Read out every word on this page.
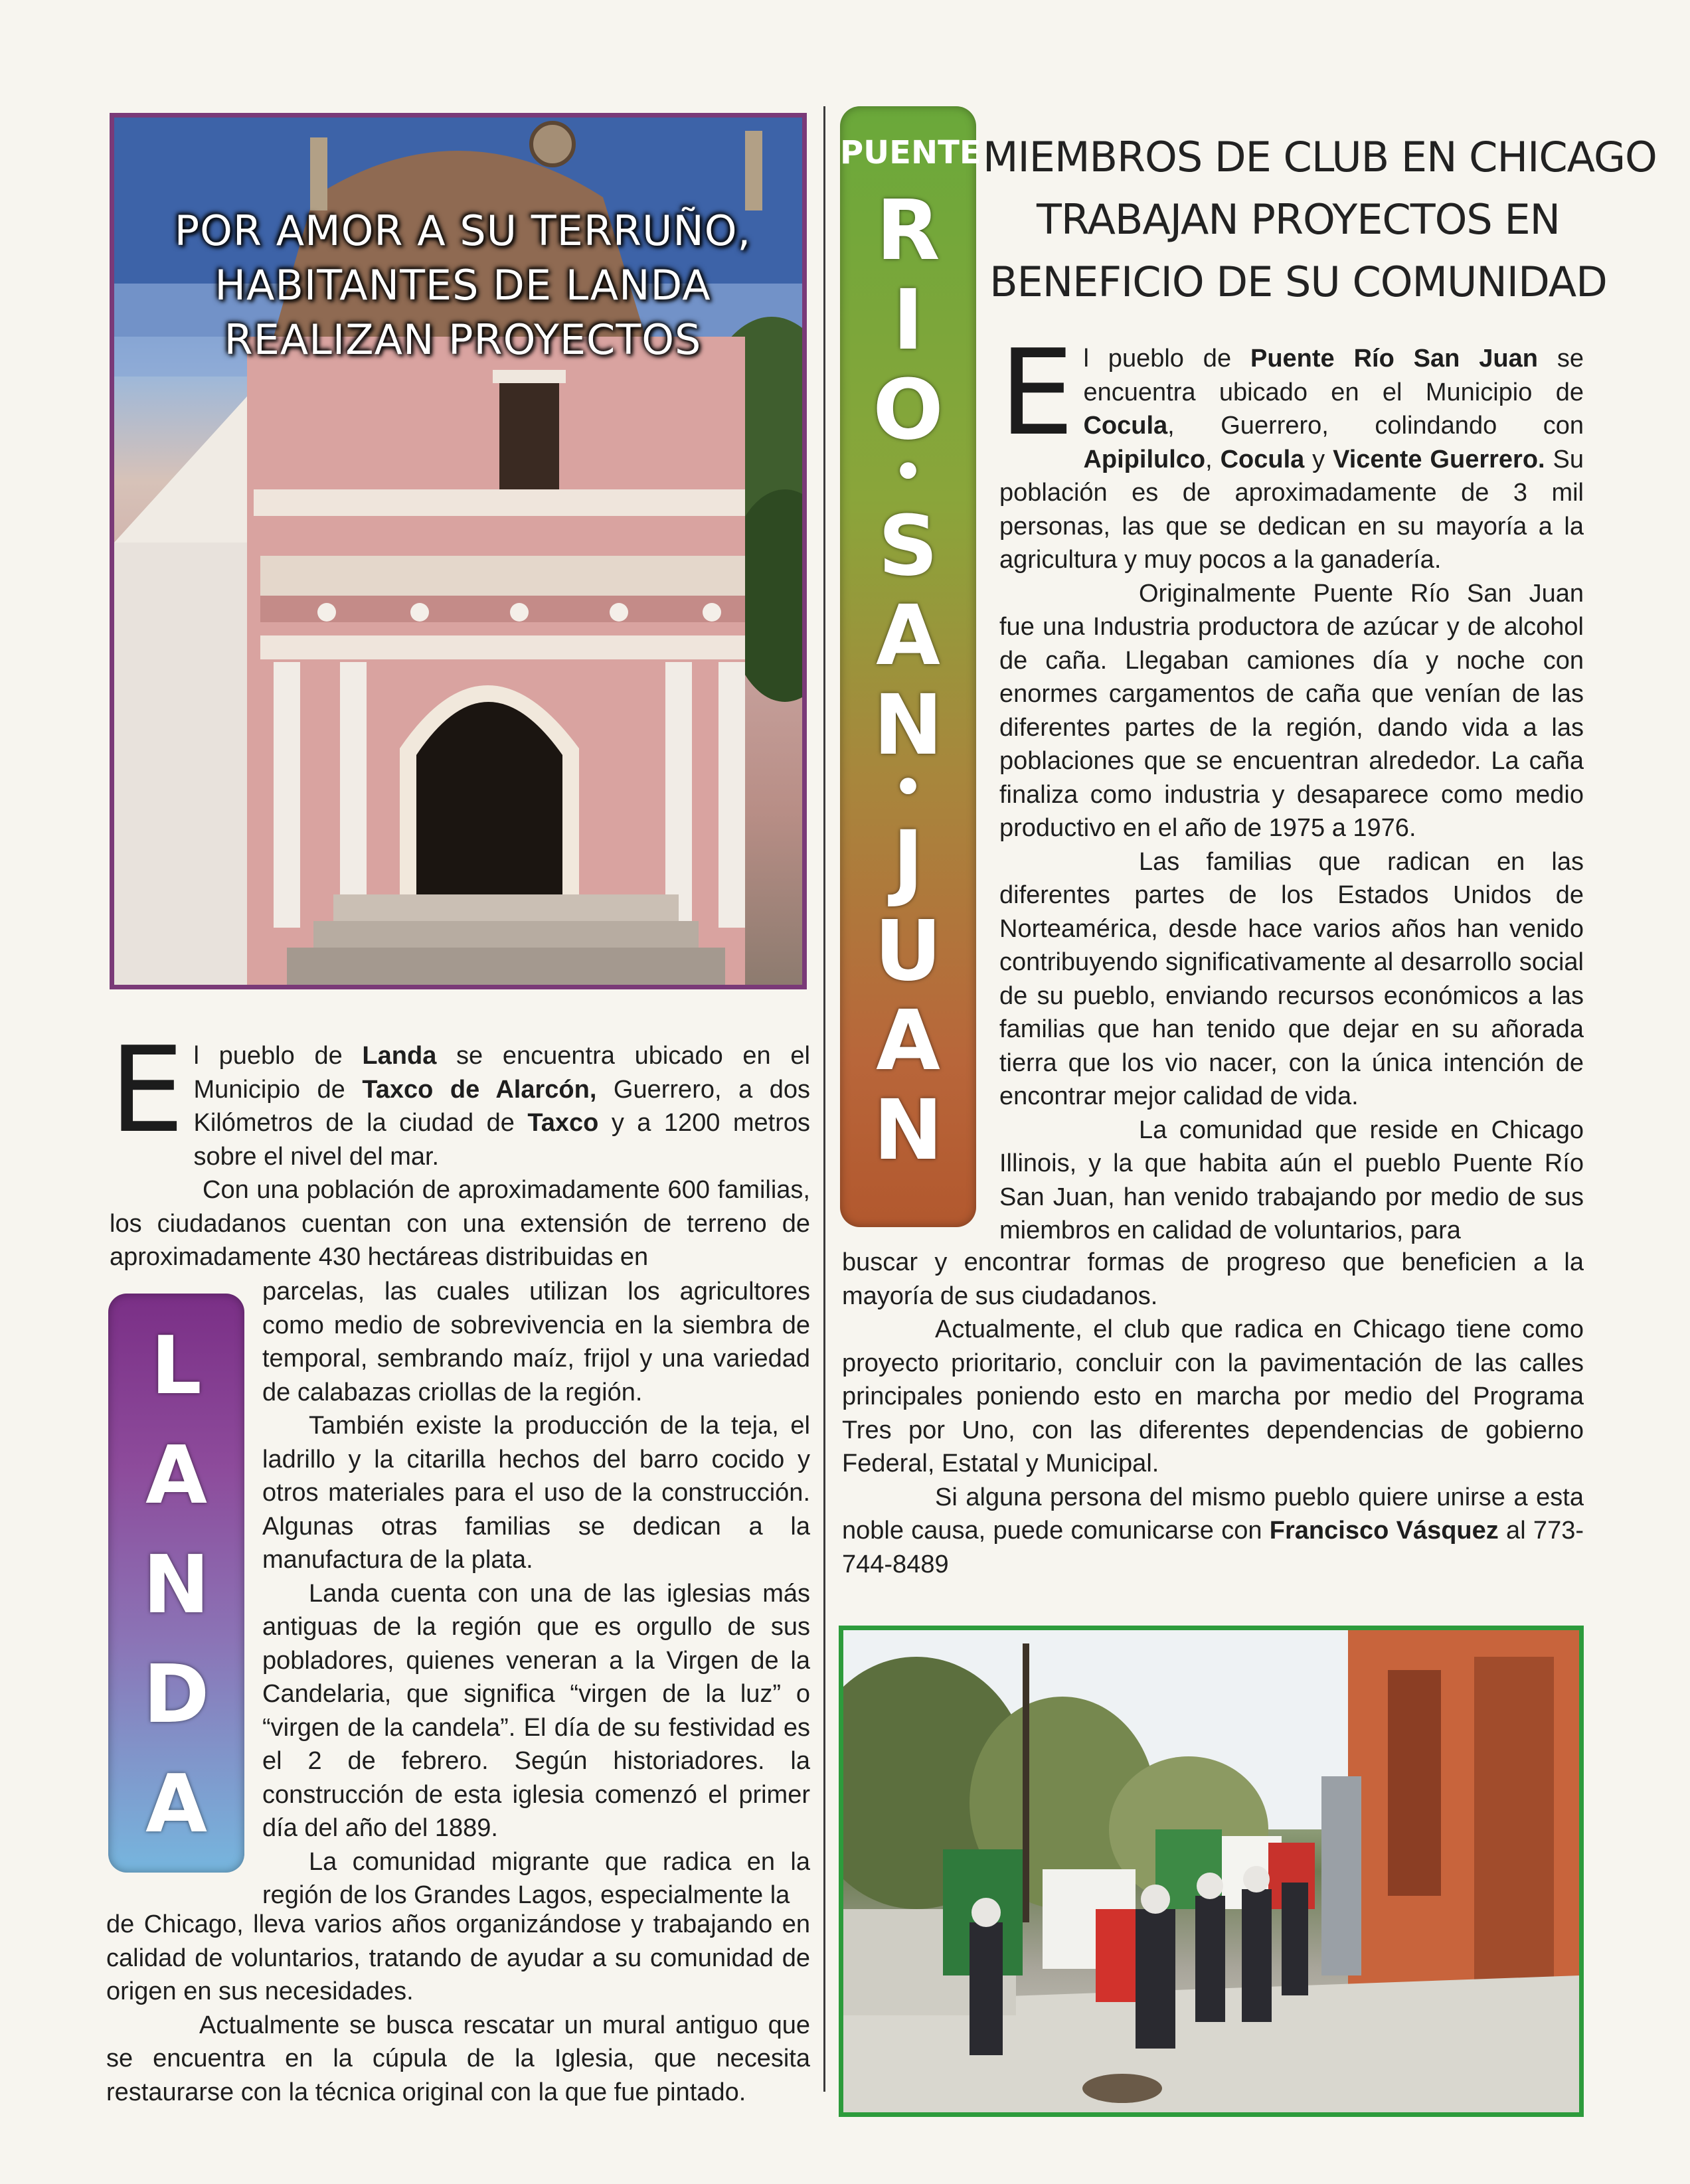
POR AMOR A SU TERRUÑO,
HABITANTES DE LANDA
REALIZAN PROYECTOS
E l pueblo de Landa se encuentra ubicado en el Municipio de Taxco de Alarcón, Guerrero, a dos Kilómetros de la ciudad de Taxco y a 1200 metros sobre el nivel del mar.
Con una población de aproximadamente 600 familias, los ciudadanos cuentan con una extensión de terreno de aproximadamente 430 hectáreas distribuidas en
L
A
N
D
A
parcelas, las cuales utilizan los agricultores como medio de sobrevivencia en la siembra de temporal, sembrando maíz, frijol y una variedad de calabazas criollas de la región.
También existe la producción de la teja, el ladrillo y la citarilla hechos del barro cocido y otros materiales para el uso de la construcción. Algunas otras familias se dedican a la manufactura de la plata.
Landa cuenta con una de las iglesias más antiguas de la región que es orgullo de sus pobladores, quienes veneran a la Virgen de la Candelaria, que significa “virgen de la luz” o “virgen de la candela”. El día de su festividad es el 2 de febrero. Según historiadores. la construcción de esta iglesia comenzó el primer día del año del 1889.
La comunidad migrante que radica en la región de los Grandes Lagos, especialmente la
de Chicago, lleva varios años organizándose y trabajando en calidad de voluntarios, tratando de ayudar a su comunidad de origen en sus necesidades.
Actualmente se busca rescatar un mural antiguo que se encuentra en la cúpula de la Iglesia, que necesita restaurarse con la técnica original con la que fue pintado.
PUENTE
R
I
O
•
S
A
N
•
J
U
A
N
MIEMBROS DE CLUB EN CHICAGO
TRABAJAN PROYECTOS EN
BENEFICIO DE SU COMUNIDAD
E l pueblo de Puente Río San Juan se encuentra ubicado en el Municipio de Cocula, Guerrero, colindando con Apipilulco, Cocula y Vicente Guerrero. Su población es de aproximadamente de 3 mil personas, las que se dedican en su mayoría a la agricultura y muy pocos a la ganadería.
Originalmente Puente Río San Juan fue una Industria productora de azúcar y de alcohol de caña. Llegaban camiones día y noche con enormes cargamentos de caña que venían de las diferentes partes de la región, dando vida a las poblaciones que se encuentran alrededor. La caña finaliza como industria y desaparece como medio productivo en el año de 1975 a 1976.
Las familias que radican en las diferentes partes de los Estados Unidos de Norteamérica, desde hace varios años han venido contribuyendo significativamente al desarrollo social de su pueblo, enviando recursos económicos a las familias que han tenido que dejar en su añorada tierra que los vio nacer, con la única intención de encontrar mejor calidad de vida.
La comunidad que reside en Chicago Illinois, y la que habita aún el pueblo Puente Río San Juan, han venido trabajando por medio de sus miembros en calidad de voluntarios, para
buscar y encontrar formas de progreso que beneficien a la mayoría de sus ciudadanos.
Actualmente, el club que radica en Chicago tiene como proyecto prioritario, concluir con la pavimentación de las calles principales poniendo esto en marcha por medio del Programa Tres por Uno, con las diferentes dependencias de gobierno Federal, Estatal y Municipal.
Si alguna persona del mismo pueblo quiere unirse a esta noble causa, puede comunicarse con Francisco Vásquez al 773-744-8489
